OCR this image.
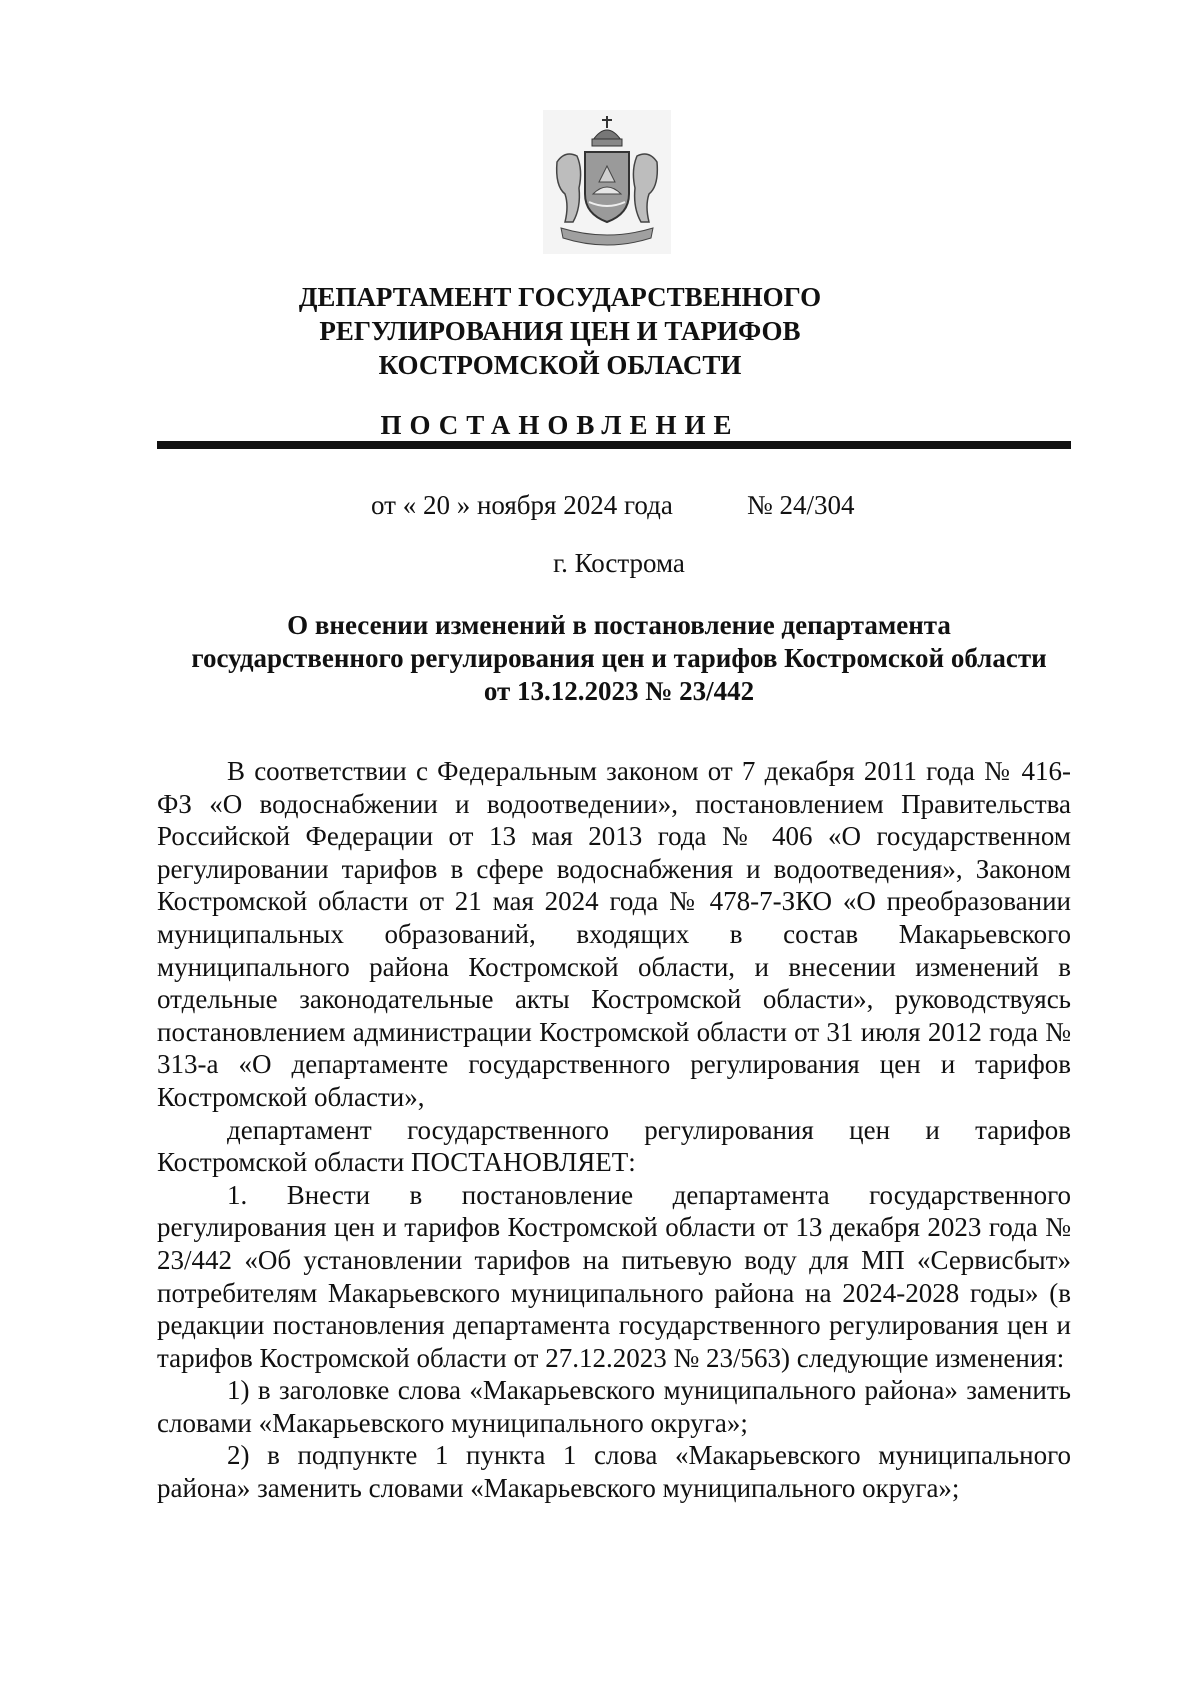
ДЕПАРТАМЕНТ ГОСУДАРСТВЕННОГО
РЕГУЛИРОВАНИЯ ЦЕН И ТАРИФОВ
КОСТРОМСКОЙ ОБЛАСТИ
ПОСТАНОВЛЕНИЕ
от « 20 » ноября 2024 года	№ 24/304
г. Кострома
О внесении изменений в постановление департамента
государственного регулирования цен и тарифов Костромской области
от 13.12.2023 № 23/442

В соответствии с Федеральным законом от 7 декабря 2011 года № 416-ФЗ «О водоснабжении и водоотведении», постановлением Правительства Российской Федерации от 13 мая 2013 года № 406 «О государственном регулировании тарифов в сфере водоснабжения и водоотведения», Законом Костромской области от 21 мая 2024 года № 478-7-ЗКО «О преобразовании муниципальных образований, входящих в состав Макарьевского муниципального района Костромской области, и внесении изменений в отдельные законодательные акты Костромской области», руководствуясь постановлением администрации Костромской области от 31 июля 2012 года № 313-а «О департаменте государственного регулирования цен и тарифов Костромской области»,

департамент государственного регулирования цен и тарифов Костромской области ПОСТАНОВЛЯЕТ:

1. Внести в постановление департамента государственного регулирования цен и тарифов Костромской области от 13 декабря 2023 года № 23/442 «Об установлении тарифов на питьевую воду для МП «Сервисбыт» потребителям Макарьевского муниципального района на 2024-2028 годы» (в редакции постановления департамента государственного регулирования цен и тарифов Костромской области от 27.12.2023 № 23/563) следующие изменения:

1) в заголовке слова «Макарьевского муниципального района» заменить словами «Макарьевского муниципального округа»;

2) в подпункте 1 пункта 1 слова «Макарьевского муниципального района» заменить словами «Макарьевского муниципального округа»;
